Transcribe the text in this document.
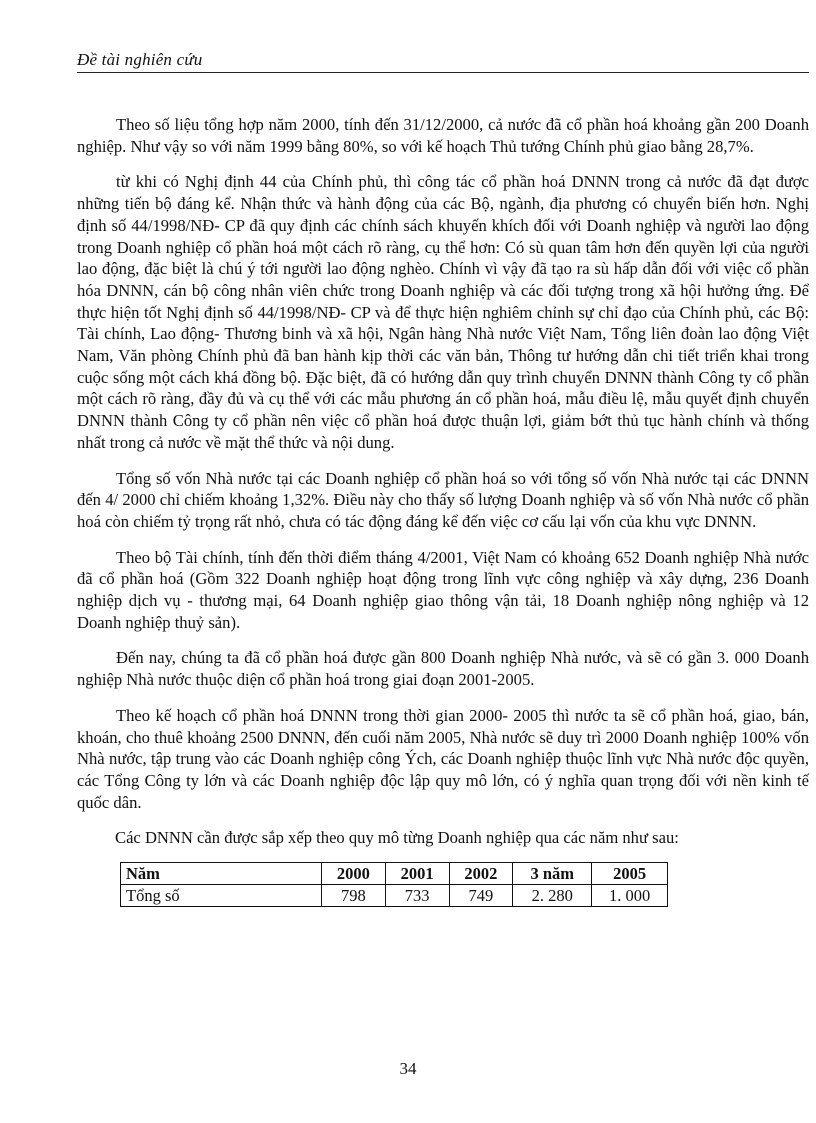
Đề tài nghiên cứu

Theo số liệu tổng hợp năm 2000, tính đến 31/12/2000, cả nước đã cổ phần hoá khoảng gần 200 Doanh nghiệp. Như vậy so với năm 1999 bằng 80%, so với kế hoạch Thủ tướng Chính phủ giao bằng 28,7%.

từ khi có Nghị định 44 của Chính phủ, thì công tác cổ phần hoá DNNN trong cả nước đã đạt được những tiến bộ đáng kể. Nhận thức và hành động của các Bộ, ngành, địa phương có chuyển biến hơn. Nghị định số 44/1998/NĐ- CP đã quy định các chính sách khuyến khích đối với Doanh nghiệp và người lao động trong Doanh nghiệp cổ phần hoá một cách rõ ràng, cụ thể hơn: Có sù quan tâm hơn đến quyền lợi của người lao động, đặc biệt là chú ý tới người lao động nghèo. Chính vì vậy đã tạo ra sù hấp dẫn đối với việc cổ phần hóa DNNN, cán bộ công nhân viên chức trong Doanh nghiệp và các đối tượng trong xã hội hưởng ứng. Để thực hiện tốt Nghị định số 44/1998/NĐ- CP và để thực hiện nghiêm chỉnh sự chỉ đạo của Chính phủ, các Bộ: Tài chính, Lao động- Thương binh và xã hội, Ngân hàng Nhà nước Việt Nam, Tổng liên đoàn lao động Việt Nam, Văn phòng Chính phủ đã ban hành kịp thời các văn bản, Thông tư hướng dẫn chi tiết triển khai trong cuộc sống một cách khá đồng bộ. Đặc biệt, đã có hướng dẫn quy trình chuyển DNNN thành Công ty cổ phần một cách rõ ràng, đầy đủ và cụ thể với các mẫu phương án cổ phần hoá, mẫu điều lệ, mẫu quyết định chuyển DNNN thành Công ty cổ phần nên việc cổ phần hoá được thuận lợi, giảm bớt thủ tục hành chính và thống nhất trong cả nước về mặt thể thức và nội dung.

Tổng số vốn Nhà nước tại các Doanh nghiệp cổ phần hoá so với tổng số vốn Nhà nước tại các DNNN đến 4/ 2000 chỉ chiếm khoảng 1,32%. Điều này cho thấy số lượng Doanh nghiệp và số vốn Nhà nước cổ phần hoá còn chiếm tỷ trọng rất nhỏ, chưa có tác động đáng kể đến việc cơ cấu lại vốn của khu vực DNNN.

Theo bộ Tài chính, tính đến thời điểm tháng 4/2001, Việt Nam có khoảng 652 Doanh nghiệp Nhà nước đã cổ phần hoá (Gồm 322 Doanh nghiệp hoạt động trong lĩnh vực công nghiệp và xây dựng, 236 Doanh nghiệp dịch vụ - thương mại, 64 Doanh nghiệp giao thông vận tải, 18 Doanh nghiệp nông nghiệp và 12 Doanh nghiệp thuỷ sản).

Đến nay, chúng ta đã cổ phần hoá được gần 800 Doanh nghiệp Nhà nước, và sẽ có gần 3. 000 Doanh nghiệp Nhà nước thuộc diện cổ phần hoá trong giai đoạn 2001-2005.

Theo kế hoạch cổ phần hoá DNNN trong thời gian 2000- 2005 thì nước ta sẽ cổ phần hoá, giao, bán, khoán, cho thuê khoảng 2500 DNNN, đến cuối năm 2005, Nhà nước sẽ duy trì 2000 Doanh nghiệp 100% vốn Nhà nước, tập trung vào các Doanh nghiệp công Ých, các Doanh nghiệp thuộc lĩnh vực Nhà nước độc quyền, các Tổng Công ty lớn và các Doanh nghiệp độc lập quy mô lớn, có ý nghĩa quan trọng đối với nền kinh tế quốc dân.

Các DNNN cần được sắp xếp theo quy mô từng Doanh nghiệp qua các năm như sau:

Năm	2000	2001	2002	3 năm	2005
Tổng số	798	733	749	2. 280	1. 000
34
